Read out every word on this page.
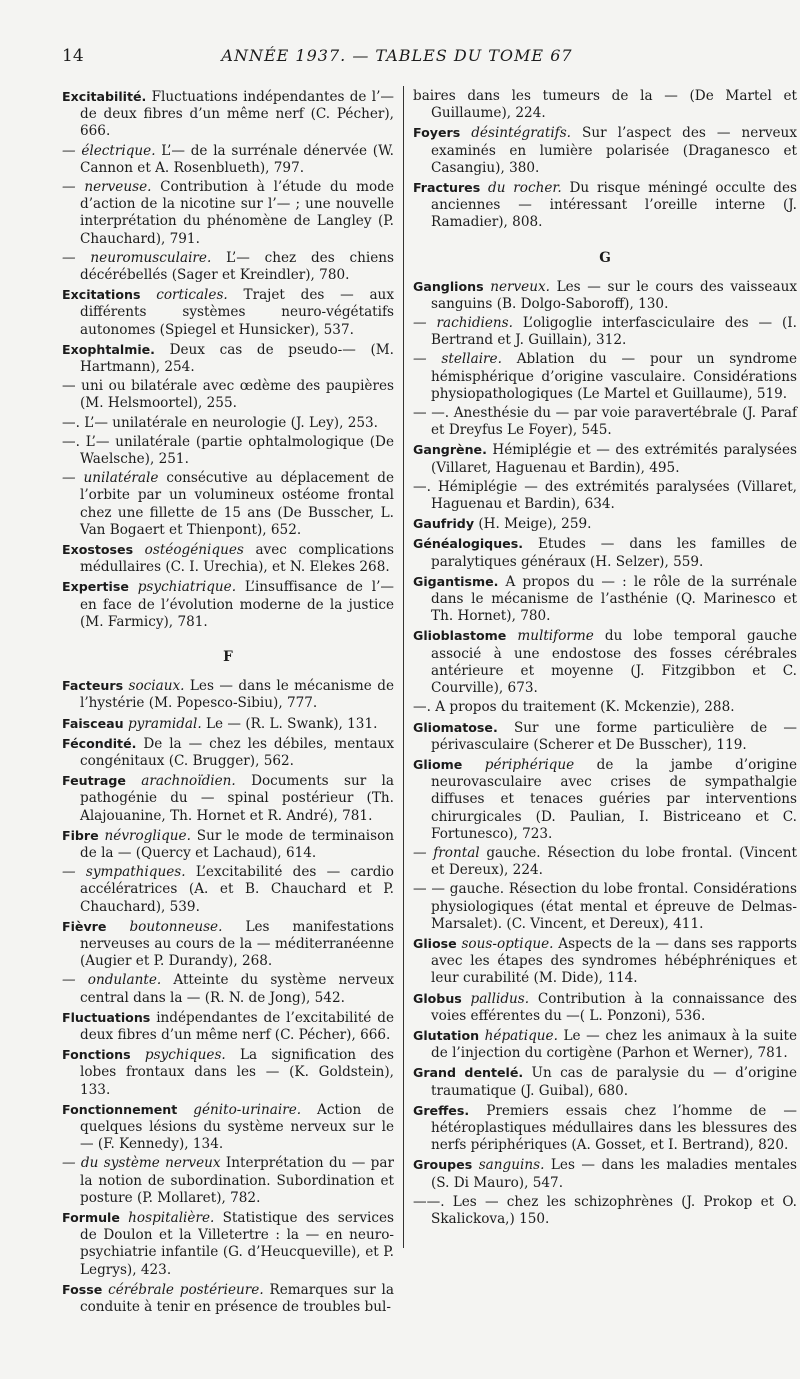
14	ANNÉE 1937. — TABLES DU TOME 67

Excitabilité. Fluctuations indépendantes de l’— de deux fibres d’un même nerf (C. Pécher), 666.

— électrique. L’— de la surrénale dénervée (W. Cannon et A. Rosenblueth), 797.

— nerveuse. Contribution à l’étude du mode d’action de la nicotine sur l’— ; une nouvelle interprétation du phénomène de Langley (P. Chauchard), 791.

— neuromusculaire. L’— chez des chiens décérébellés (Sager et Kreindler), 780.

Excitations corticales. Trajet des — aux différents systèmes neuro-végétatifs autonomes (Spiegel et Hunsicker), 537.

Exophtalmie. Deux cas de pseudo-— (M. Hartmann), 254.

— uni ou bilatérale avec œdème des paupières (M. Helsmoortel), 255.

—. L’— unilatérale en neurologie (J. Ley), 253.

—. L’— unilatérale (partie ophtalmologique (De Waelsche), 251.

— unilatérale consécutive au déplacement de l’orbite par un volumineux ostéome frontal chez une fillette de 15 ans (De Busscher, L. Van Bogaert et Thienpont), 652.

Exostoses ostéogéniques avec complications médullaires (C. I. Urechia), et N. Elekes 268.

Expertise psychiatrique. L’insuffisance de l’— en face de l’évolution moderne de la justice (M. Farmicy), 781.

F

Facteurs sociaux. Les — dans le mécanisme de l’hystérie (M. Popesco-Sibiu), 777.

Faisceau pyramidal. Le — (R. L. Swank), 131.

Fécondité. De la — chez les débiles, mentaux congénitaux (C. Brugger), 562.

Feutrage arachnoïdien. Documents sur la pathogénie du — spinal postérieur (Th. Alajouanine, Th. Hornet et R. André), 781.

Fibre névroglique. Sur le mode de terminaison de la — (Quercy et Lachaud), 614.

— sympathiques. L’excitabilité des — cardio accélératrices (A. et B. Chauchard et P. Chauchard), 539.

Fièvre boutonneuse. Les manifestations nerveuses au cours de la — méditerranéenne (Augier et P. Durandy), 268.

— ondulante. Atteinte du système nerveux central dans la — (R. N. de Jong), 542.

Fluctuations indépendantes de l’excitabilité de deux fibres d’un même nerf (C. Pécher), 666.

Fonctions psychiques. La signification des lobes frontaux dans les — (K. Goldstein), 133.

Fonctionnement génito-urinaire. Action de quelques lésions du système nerveux sur le — (F. Kennedy), 134.

— du système nerveux Interprétation du — par la notion de subordination. Subordination et posture (P. Mollaret), 782.

Formule hospitalière. Statistique des services de Doulon et la Villetertre : la — en neuro-psychiatrie infantile (G. d’Heucqueville), et P. Legrys), 423.

Fosse cérébrale postérieure. Remarques sur la conduite à tenir en présence de troubles bul-

baires dans les tumeurs de la — (De Martel et Guillaume), 224.

Foyers désintégratifs. Sur l’aspect des — nerveux examinés en lumière polarisée (Draganesco et Casangiu), 380.

Fractures du rocher. Du risque méningé occulte des anciennes — intéressant l’oreille interne (J. Ramadier), 808.

G

Ganglions nerveux. Les — sur le cours des vaisseaux sanguins (B. Dolgo-Saboroff), 130.

— rachidiens. L’oligoglie interfasciculaire des — (I. Bertrand et J. Guillain), 312.

— stellaire. Ablation du — pour un syndrome hémisphérique d’origine vasculaire. Considérations physiopathologiques (Le Martel et Guillaume), 519.

— —. Anesthésie du — par voie paravertébrale (J. Paraf et Dreyfus Le Foyer), 545.

Gangrène. Hémiplégie et — des extrémités paralysées (Villaret, Haguenau et Bardin), 495.

—. Hémiplégie — des extrémités paralysées (Villaret, Haguenau et Bardin), 634.

Gaufridy (H. Meige), 259.

Généalogiques. Etudes — dans les familles de paralytiques généraux (H. Selzer), 559.

Gigantisme. A propos du — : le rôle de la surrénale dans le mécanisme de l’asthénie (Q. Marinesco et Th. Hornet), 780.

Glioblastome multiforme du lobe temporal gauche associé à une endostose des fosses cérébrales antérieure et moyenne (J. Fitzgibbon et C. Courville), 673.

—. A propos du traitement (K. Mckenzie), 288.

Gliomatose. Sur une forme particulière de — périvasculaire (Scherer et De Busscher), 119.

Gliome périphérique de la jambe d’origine neurovasculaire avec crises de sympathalgie diffuses et tenaces guéries par interventions chirurgicales (D. Paulian, I. Bistriceano et C. Fortunesco), 723.

— frontal gauche. Résection du lobe frontal. (Vincent et Dereux), 224.

— — gauche. Résection du lobe frontal. Considérations physiologiques (état mental et épreuve de Delmas-Marsalet). (C. Vincent, et Dereux), 411.

Gliose sous-optique. Aspects de la — dans ses rapports avec les étapes des syndromes hébéphréniques et leur curabilité (M. Dide), 114.

Globus pallidus. Contribution à la connaissance des voies efférentes du —( L. Ponzoni), 536.

Glutation hépatique. Le — chez les animaux à la suite de l’injection du cortigène (Parhon et Werner), 781.

Grand dentelé. Un cas de paralysie du — d’origine traumatique (J. Guibal), 680.

Greffes. Premiers essais chez l’homme de — hétéroplastiques médullaires dans les blessures des nerfs périphériques (A. Gosset, et I. Bertrand), 820.

Groupes sanguins. Les — dans les maladies mentales (S. Di Mauro), 547.

——. Les — chez les schizophrènes (J. Prokop et O. Skalickova,) 150.
